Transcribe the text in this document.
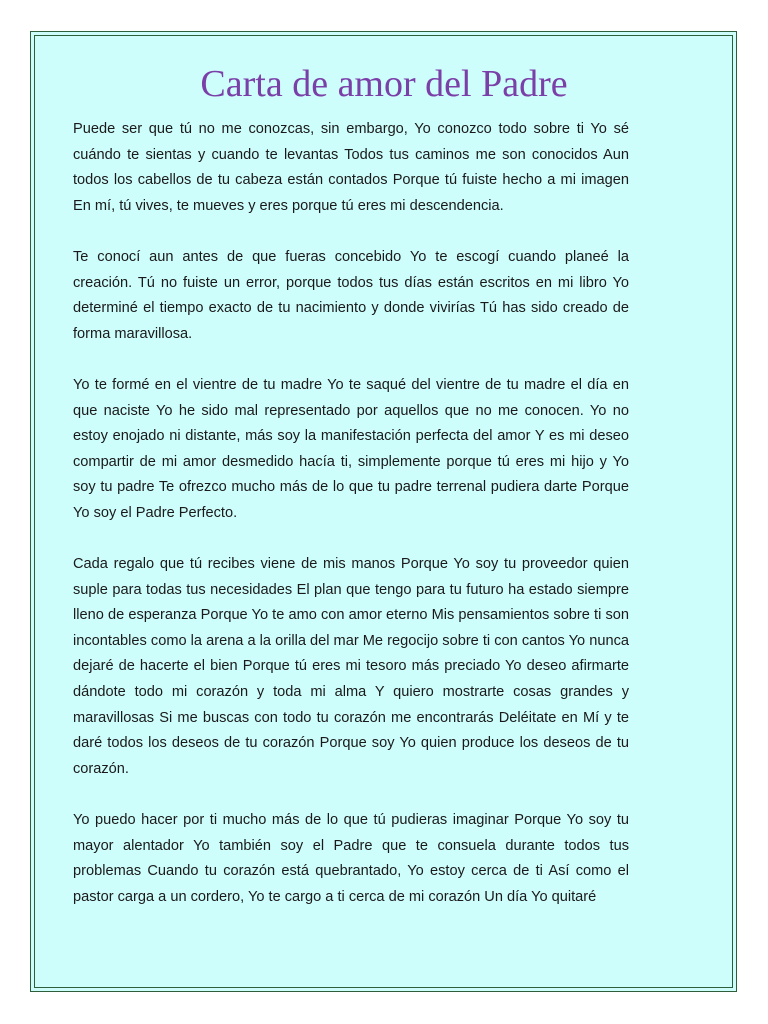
Carta de amor del Padre

Puede ser que tú no me conozcas, sin embargo, Yo conozco todo sobre ti Yo sé cuándo te sientas y cuando te levantas Todos tus caminos me son conocidos Aun todos los cabellos de tu cabeza están contados Porque tú fuiste hecho a mi imagen En mí, tú vives, te mueves y eres porque tú eres mi descendencia.

Te conocí aun antes de que fueras concebido Yo te escogí cuando planeé la creación. Tú no fuiste un error, porque todos tus días están escritos en mi libro Yo determiné el tiempo exacto de tu nacimiento y donde vivirías Tú has sido creado de forma maravillosa.

Yo te formé en el vientre de tu madre Yo te saqué del vientre de tu madre el día en que naciste Yo he sido mal representado por aquellos que no me conocen. Yo no estoy enojado ni distante, más soy la manifestación perfecta del amor Y es mi deseo compartir de mi amor desmedido hacía ti, simplemente porque tú eres mi hijo y Yo soy tu padre Te ofrezco mucho más de lo que tu padre terrenal pudiera darte Porque Yo soy el Padre Perfecto.

Cada regalo que tú recibes viene de mis manos Porque Yo soy tu proveedor quien suple para todas tus necesidades El plan que tengo para tu futuro ha estado siempre lleno de esperanza Porque Yo te amo con amor eterno Mis pensamientos sobre ti son incontables como la arena a la orilla del mar Me regocijo sobre ti con cantos Yo nunca dejaré de hacerte el bien Porque tú eres mi tesoro más preciado Yo deseo afirmarte dándote todo mi corazón y toda mi alma Y quiero mostrarte cosas grandes y maravillosas Si me buscas con todo tu corazón me encontrarás Deléitate en Mí y te daré todos los deseos de tu corazón Porque soy Yo quien produce los deseos de tu corazón.

Yo puedo hacer por ti mucho más de lo que tú pudieras imaginar Porque Yo soy tu mayor alentador Yo también soy el Padre que te consuela durante todos tus problemas Cuando tu corazón está quebrantado, Yo estoy cerca de ti Así como el pastor carga a un cordero, Yo te cargo a ti cerca de mi corazón Un día Yo quitaré
